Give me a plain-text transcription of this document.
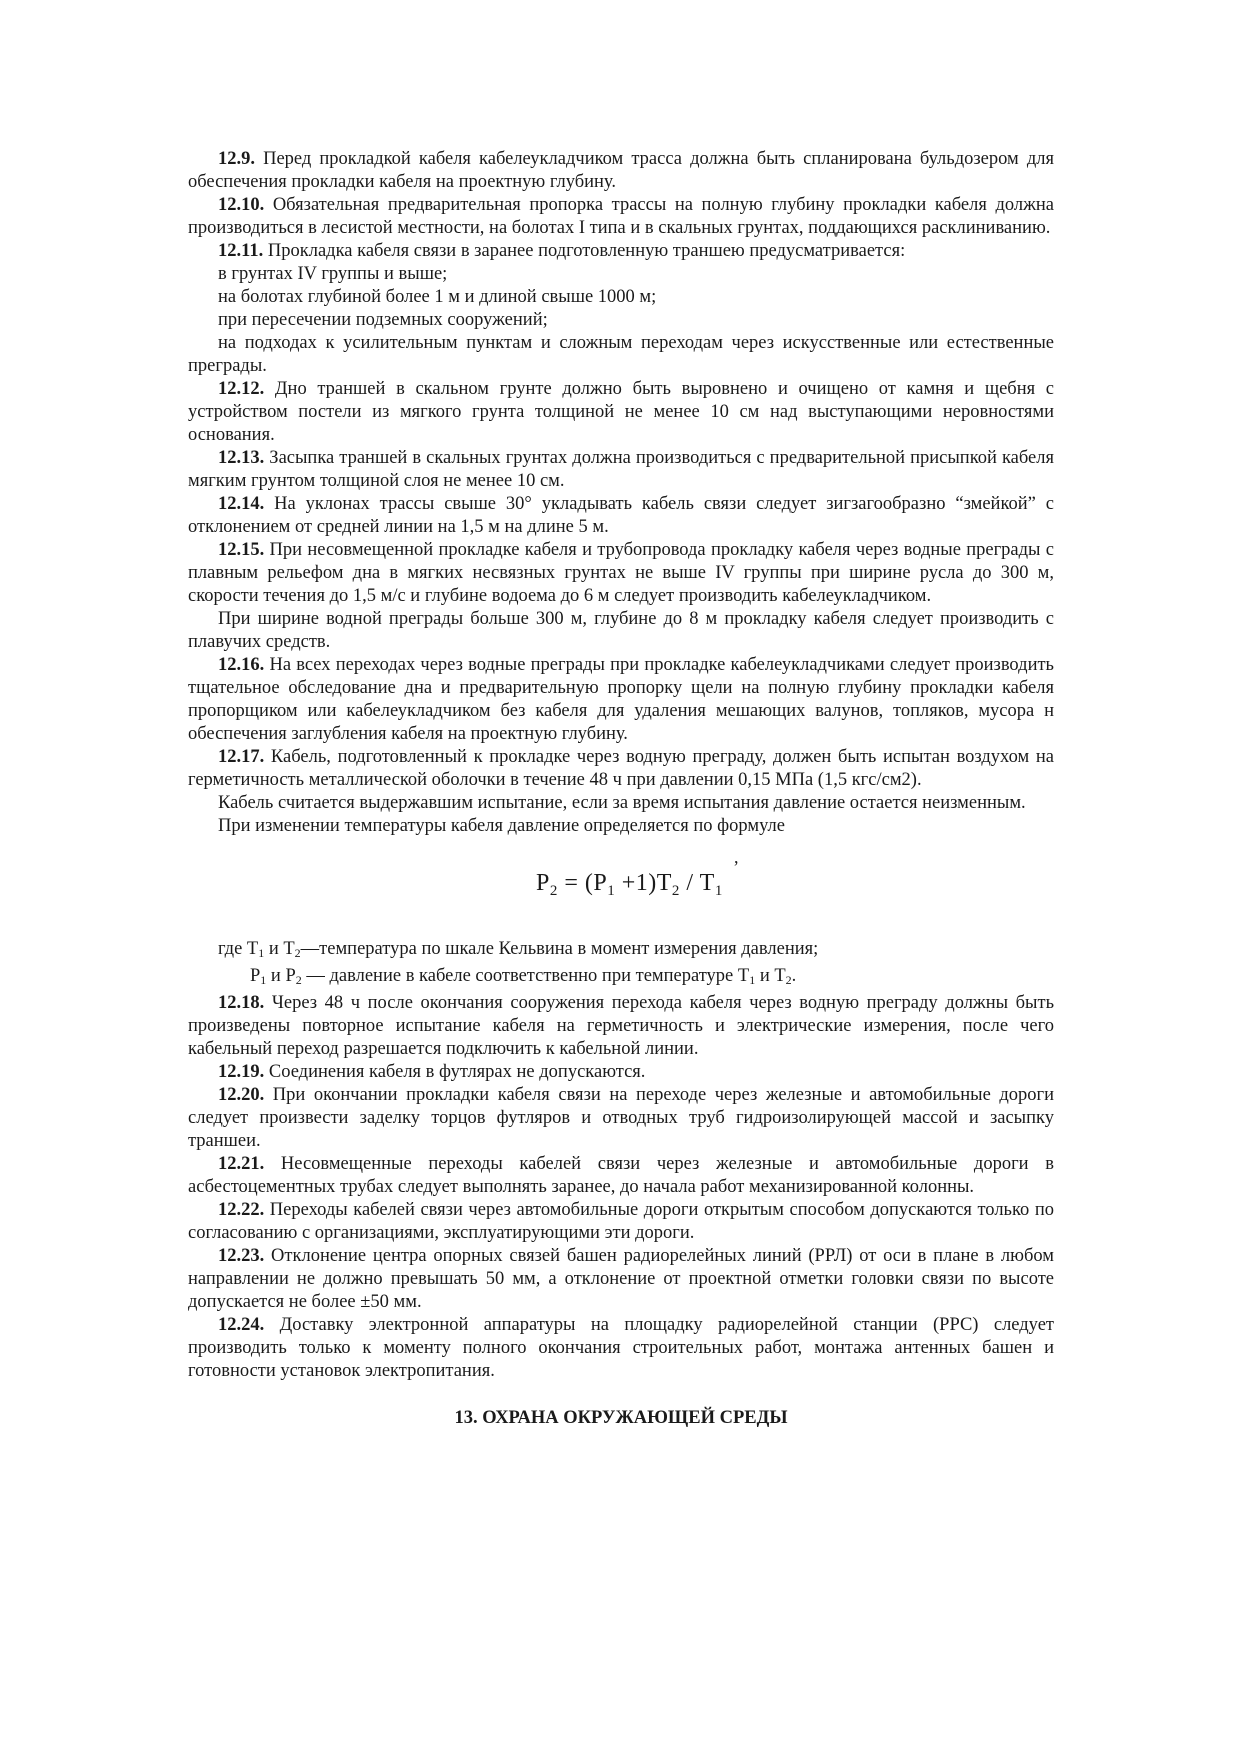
12.9. Перед прокладкой кабеля кабелеукладчиком трасса должна быть спланирована бульдозером для обеспечения прокладки кабеля на проектную глубину.

12.10. Обязательная предварительная пропорка трассы на полную глубину прокладки кабеля должна производиться в лесистой местности, на болотах I типа и в скальных грунтах, поддающихся расклиниванию.

12.11. Прокладка кабеля связи в заранее подготовленную траншею предусматривается:

в грунтах IV группы и выше;

на болотах глубиной более 1 м и длиной свыше 1000 м;

при пересечении подземных сооружений;

на подходах к усилительным пунктам и сложным переходам через искусственные или естественные преграды.

12.12. Дно траншей в скальном грунте должно быть выровнено и очищено от камня и щебня с устройством постели из мягкого грунта толщиной не менее 10 см над выступающими неровностями основания.

12.13. Засыпка траншей в скальных грунтах должна производиться с предварительной присыпкой кабеля мягким грунтом толщиной слоя не менее 10 см.

12.14. На уклонах трассы свыше 30° укладывать кабель связи следует зигзагообразно “змейкой” с отклонением от средней линии на 1,5 м на длине 5 м.

12.15. При несовмещенной прокладке кабеля и трубопровода прокладку кабеля через водные преграды с плавным рельефом дна в мягких несвязных грунтах не выше IV группы при ширине русла до 300 м, скорости течения до 1,5 м/с и глубине водоема до 6 м следует производить кабелеукладчиком.

При ширине водной преграды больше 300 м, глубине до 8 м прокладку кабеля следует производить с плавучих средств.

12.16. На всех переходах через водные преграды при прокладке кабелеукладчиками следует производить тщательное обследование дна и предварительную пропорку щели на полную глубину прокладки кабеля пропорщиком или кабелеукладчиком без кабеля для удаления мешающих валунов, топляков, мусора н обеспечения заглубления кабеля на проектную глубину.

12.17. Кабель, подготовленный к прокладке через водную преграду, должен быть испытан воздухом на герметичность металлической оболочки в течение 48 ч при давлении 0,15 МПа (1,5 кгс/см2).

Кабель считается выдержавшим испытание, если за время испытания давление остается неизменным.

При изменении температуры кабеля давление определяется по формуле

$P_2 = (P_1 +1)T_2 / T_1$
,

где T1 и T2—температура по шкале Кельвина в момент измерения давления;

P1 и P2 — давление в кабеле соответственно при температуре T1 и T2.

12.18. Через 48 ч после окончания сооружения перехода кабеля через водную преграду должны быть произведены повторное испытание кабеля на герметичность и электрические измерения, после чего кабельный переход разрешается подключить к кабельной линии.

12.19. Соединения кабеля в футлярах не допускаются.

12.20. При окончании прокладки кабеля связи на переходе через железные и автомобильные дороги следует произвести заделку торцов футляров и отводных труб гидроизолирующей массой и засыпку траншеи.

12.21. Несовмещенные переходы кабелей связи через железные и автомобильные дороги в асбестоцементных трубах следует выполнять заранее, до начала работ механизированной колонны.

12.22. Переходы кабелей связи через автомобильные дороги открытым способом допускаются только по согласованию с организациями, эксплуатирующими эти дороги.

12.23. Отклонение центра опорных связей башен радиорелейных линий (РРЛ) от оси в плане в любом направлении не должно превышать 50 мм, а отклонение от проектной отметки головки связи по высоте допускается не более ±50 мм.

12.24. Доставку электронной аппаратуры на площадку радиорелейной станции (РРС) следует производить только к моменту полного окончания строительных работ, монтажа антенных башен и готовности установок электропитания.

13. ОХРАНА ОКРУЖАЮЩЕЙ СРЕДЫ
